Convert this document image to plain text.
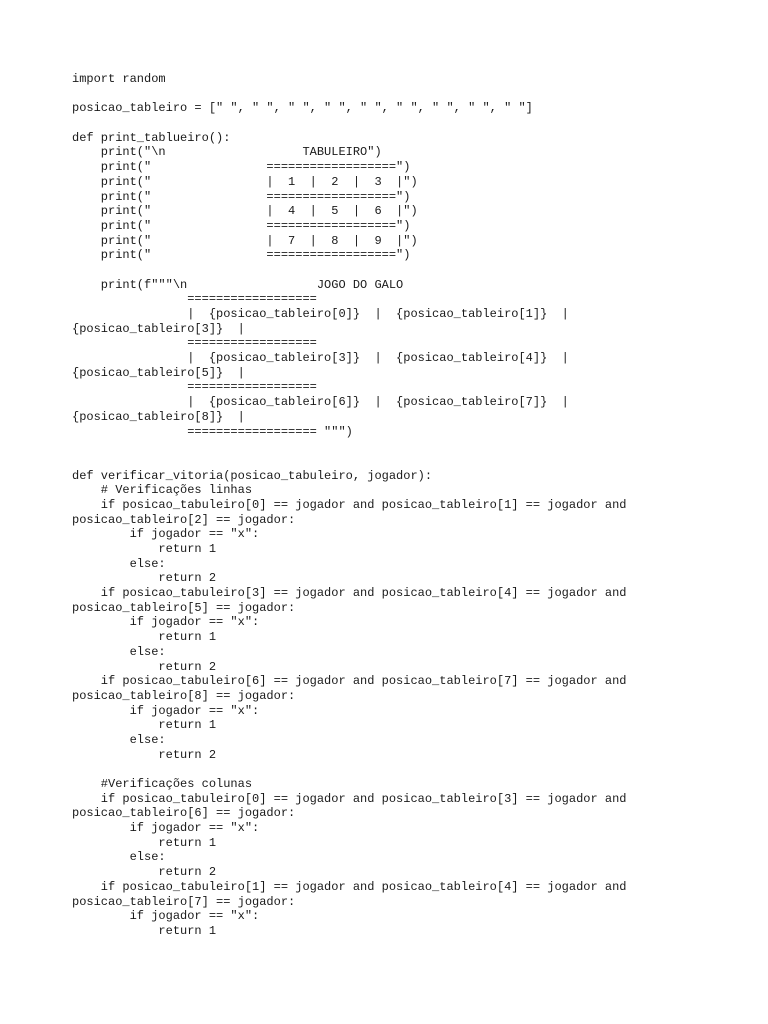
import random
posicao_tableiro = [" ", " ", " ", " ", " ", " ", " ", " ", " "]
def print_tablueiro():
print("\n                   TABULEIRO")
print("                ==================")
print("                |  1  |  2  |  3  |")
print("                ==================")
print("                |  4  |  5  |  6  |")
print("                ==================")
print("                |  7  |  8  |  9  |")
print("                ==================")
print(f"""\n                  JOGO DO GALO
==================
|  {posicao_tableiro[0]}  |  {posicao_tableiro[1]}  |
{posicao_tableiro[3]}  |
==================
|  {posicao_tableiro[3]}  |  {posicao_tableiro[4]}  |
{posicao_tableiro[5]}  |
==================
|  {posicao_tableiro[6]}  |  {posicao_tableiro[7]}  |
{posicao_tableiro[8]}  |
================== """)
def verificar_vitoria(posicao_tabuleiro, jogador):
# Verificações linhas
if posicao_tabuleiro[0] == jogador and posicao_tableiro[1] == jogador and
posicao_tableiro[2] == jogador:
if jogador == "x":
return 1
else:
return 2
if posicao_tabuleiro[3] == jogador and posicao_tableiro[4] == jogador and
posicao_tableiro[5] == jogador:
if jogador == "x":
return 1
else:
return 2
if posicao_tabuleiro[6] == jogador and posicao_tableiro[7] == jogador and
posicao_tableiro[8] == jogador:
if jogador == "x":
return 1
else:
return 2
#Verificações colunas
if posicao_tabuleiro[0] == jogador and posicao_tableiro[3] == jogador and
posicao_tableiro[6] == jogador:
if jogador == "x":
return 1
else:
return 2
if posicao_tabuleiro[1] == jogador and posicao_tableiro[4] == jogador and
posicao_tableiro[7] == jogador:
if jogador == "x":
return 1
